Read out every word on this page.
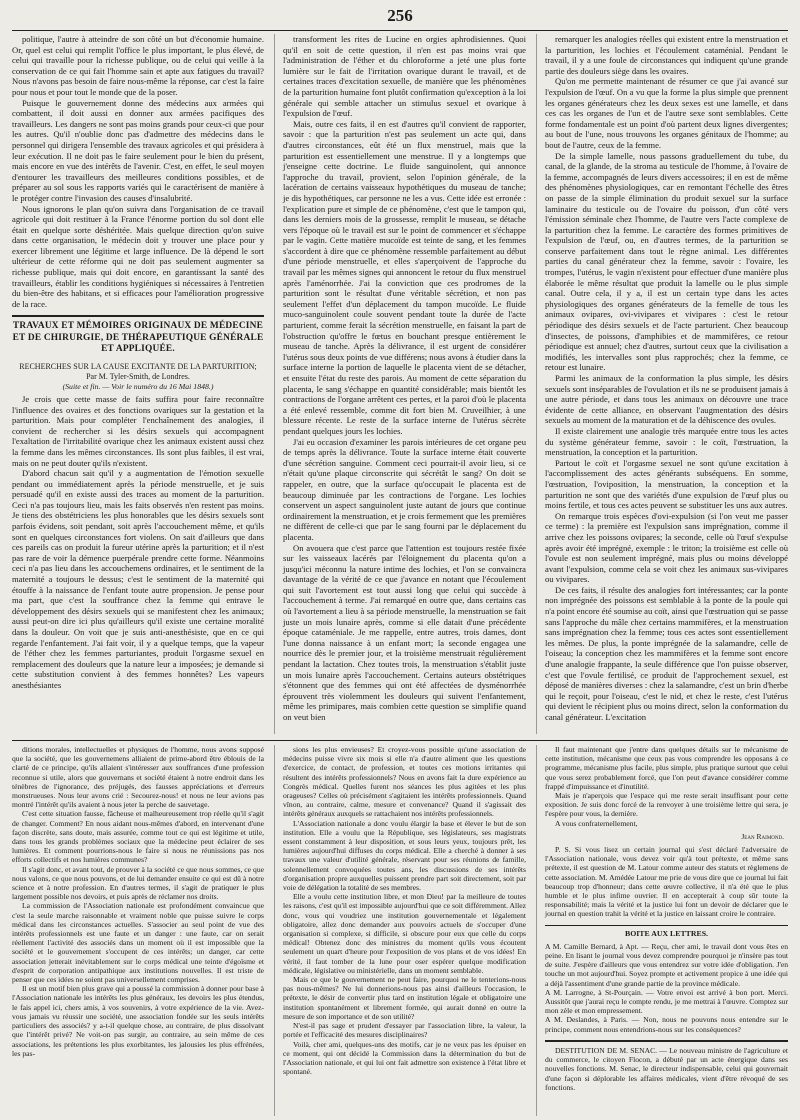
256

politique, l'autre à atteindre de son côté un but d'économie humaine. Or, quel est celui qui remplit l'office le plus important, le plus élevé, de celui qui travaille pour la richesse publique, ou de celui qui veille à la conservation de ce qui fait l'homme sain et apte aux fatigues du travail? Nous n'avons pas besoin de faire nous-même la réponse, car c'est la faire pour nous et pour tout le monde que de la poser.

Puisque le gouvernement donne des médecins aux armées qui combattent, il doit aussi en donner aux armées pacifiques des travailleurs. Les dangers ne sont pas moins grands pour ceux-ci que pour les autres. Qu'il n'oublie donc pas d'admettre des médecins dans le personnel qui dirigera l'ensemble des travaux agricoles et qui présidera à leur exécution. Il ne doit pas le faire seulement pour le bien du présent, mais encore en vue des intérêts de l'avenir. C'est, en effet, le seul moyen d'entourer les travailleurs des meilleures conditions possibles, et de préparer au sol sous les rapports variés qui le caractérisent de manière à le protéger contre l'invasion des causes d'insalubrité.

Nous ignorons le plan qu'on suivra dans l'organisation de ce travail agricole qui doit restituer à la France l'énorme portion du sol dont elle était en quelque sorte déshéritée. Mais quelque direction qu'on suive dans cette organisation, le médecin doit y trouver une place pour y exercer librement une légitime et large influence. De là dépend le sort ultérieur de cette réforme qui ne doit pas seulement augmenter sa richesse publique, mais qui doit encore, en garantissant la santé des travailleurs, établir les conditions hygiéniques si nécessaires à l'entretien du bien-être des habitans, et si efficaces pour l'amélioration progressive de la race.

TRAVAUX ET MÉMOIRES ORIGINAUX DE MÉDECINE ET DE CHIRURGIE, DE THÉRAPEUTIQUE GÉNÉRALE ET APPLIQUÉE.
RECHERCHES SUR LA CAUSE EXCITANTE DE LA PARTURITION;
Par M. Tyler-Smith, de Londres.
(Suite et fin. — Voir le numéro du 16 Mai 1848.)

Je crois que cette masse de faits suffira pour faire reconnaître l'influence des ovaires et des fonctions ovariques sur la gestation et la parturition. Mais pour compléter l'enchaînement des analogies, il convient de rechercher si les désirs sexuels qui accompagnent l'exaltation de l'irritabilité ovarique chez les animaux existent aussi chez la femme dans les mêmes circonstances. Ils sont plus faibles, il est vrai, mais on ne peut douter qu'ils n'existent.

D'abord chacun sait qu'il y a augmentation de l'émotion sexuelle pendant ou immédiatement après la période menstruelle, et je suis persuadé qu'il en existe aussi des traces au moment de la parturition. Ceci n'a pas toujours lieu, mais les faits observés n'en restent pas moins. Je tiens des obstétriciens les plus honorables que les désirs sexuels sont parfois évidens, soit pendant, soit après l'accouchement même, et qu'ils sont en quelques circonstances fort violens. On sait d'ailleurs que dans ces pareils cas on produit la fureur utérine après la parturition; et il n'est pas rare de voir la démence puerpérale prendre cette forme. Néanmoins ceci n'a pas lieu dans les accouchemens ordinaires, et le sentiment de la maternité a toujours le dessus; c'est le sentiment de la maternité qui étouffe à la naissance de l'enfant toute autre propension. Je pense pour ma part, que c'est la souffrance chez la femme qui entrave le développement des désirs sexuels qui se manifestent chez les animaux; aussi peut-on dire ici plus qu'ailleurs qu'il existe une certaine moralité dans la douleur. On voit que je suis anti-anesthésiste, que en ce qui regarde l'enfantement. J'ai fait voir, il y a quelque temps, que la vapeur de l'éther chez les femmes parturiantes, produit l'orgasme sexuel en remplacement des douleurs que la nature leur a imposées; je demande si cette substitution convient à des femmes honnêtes? Les vapeurs anesthésiantes

transforment les rites de Lucine en orgies aphrodisiennes. Quoi qu'il en soit de cette question, il n'en est pas moins vrai que l'administration de l'éther et du chloroforme a jeté une plus forte lumière sur le fait de l'irritation ovarique durant le travail, et de certaines traces d'excitation sexuelle, de manière que les phénomènes de la parturition humaine font plutôt confirmation qu'exception à la loi générale qui semble attacher un stimulus sexuel et ovarique à l'expulsion de l'œuf.

Mais, outre ces faits, il en est d'autres qu'il convient de rapporter, savoir : que la parturition n'est pas seulement un acte qui, dans d'autres circonstances, eût été un flux menstruel, mais que la parturition est essentiellement une menstrue. Il y a longtemps que j'enseigne cette doctrine. Le fluide sanguinolent, qui annonce l'approche du travail, provient, selon l'opinion générale, de la lacération de certains vaisseaux hypothétiques du museau de tanche; je dis hypothétiques, car personne ne les a vus. Cette idée est erronée : l'explication pure et simple de ce phénomène, c'est que le tampon qui, dans les derniers mois de la grossesse, remplit le museau, se détache vers l'époque où le travail est sur le point de commencer et s'échappe par le vagin. Cette matière mucoïde est teinte de sang, et les femmes s'accordent à dire que ce phénomène ressemble parfaitement au début d'une période menstruelle, et elles s'aperçoivent de l'approche du travail par les mêmes signes qui annoncent le retour du flux menstruel après l'aménorrhée. J'ai la conviction que ces prodromes de la parturition sont le résultat d'une véritable sécrétion, et non pas seulement l'effet d'un déplacement du tampon mucoïde. Le fluide muco-sanguinolent coule souvent pendant toute la durée de l'acte parturient, comme ferait la sécrétion menstruelle, en faisant la part de l'obstruction qu'offre le fœtus en bouchant presque entièrement le museau de tanche. Après la délivrance, il est urgent de considérer l'utérus sous deux points de vue différens; nous avons à étudier dans la surface interne la portion de laquelle le placenta vient de se détacher, et ensuite l'état du reste des parois. Au moment de cette séparation du placenta, le sang s'échappe en quantité considérable; mais bientôt les contractions de l'organe arrêtent ces pertes, et la paroi d'où le placenta a été enlevé ressemble, comme dit fort bien M. Cruveilhier, à une blessure récente. Le reste de la surface interne de l'utérus sécrète pendant quelques jours les lochies.

J'ai eu occasion d'examiner les parois intérieures de cet organe peu de temps après la délivrance. Toute la surface interne était couverte d'une sécrétion sanguine. Comment ceci pourrait-il avoir lieu, si ce n'était qu'une plaque circonscrite qui sécrétât le sang? On doit se rappeler, en outre, que la surface qu'occupait le placenta est de beaucoup diminuée par les contractions de l'organe. Les lochies conservent un aspect sanguinolent juste autant de jours que continue ordinairement la menstruation, et je crois fermement que les premières ne diffèrent de celle-ci que par le sang fourni par le déplacement du placenta.

On avouera que c'est parce que l'attention est toujours restée fixée sur les vaisseaux lacérés par l'éloignement du placenta qu'on a jusqu'ici méconnu la nature intime des lochies, et l'on se convaincra davantage de la vérité de ce que j'avance en notant que l'écoulement qui suit l'avortement est tout aussi long que celui qui succède à l'accouchement à terme. J'ai remarqué en outre que, dans certains cas où l'avortement a lieu à sa période menstruelle, la menstruation se fait juste un mois lunaire après, comme si elle datait d'une précédente époque cataméniale. Je me rappelle, entre autres, trois dames, dont l'une donna naissance à un enfant mort; la seconde engagea une nourrice dès le premier jour, et la troisième menstruait régulièrement pendant la lactation. Chez toutes trois, la menstruation s'établit juste un mois lunaire après l'accouchement. Certains auteurs obstétriques s'étonnent que des femmes qui ont été affectées de dysménorrhée éprouvent très violemment les douleurs qui suivent l'enfantement, même les primipares, mais combien cette question se simplifie quand on veut bien

remarquer les analogies réelles qui existent entre la menstruation et la parturition, les lochies et l'écoulement cataménial. Pendant le travail, il y a une foule de circonstances qui indiquent qu'une grande partie des douleurs siège dans les ovaires.

Qu'on me permette maintenant de résumer ce que j'ai avancé sur l'expulsion de l'œuf. On a vu que la forme la plus simple que prennent les organes générateurs chez les deux sexes est une lamelle, et dans ces cas les organes de l'un et de l'autre sexe sont semblables. Cette forme fondamentale est un point d'où partent deux lignes divergentes; au bout de l'une, nous trouvons les organes génitaux de l'homme; au bout de l'autre, ceux de la femme.

De la simple lamelle, nous passons graduellement du tube, du canal, de la glande, de la stroma au testicule de l'homme, à l'ovaire de la femme, accompagnés de leurs divers accessoires; il en est de même des phénomènes physiologiques, car en remontant l'échelle des êtres on passe de la simple élimination du produit sexuel sur la surface laminaire du testicule ou de l'ovaire du poisson, d'un côté vers l'émission séminale chez l'homme, de l'autre vers l'acte complexe de la parturition chez la femme. Le caractère des formes primitives de l'expulsion de l'œuf, ou, en d'autres termes, de la parturition se conserve parfaitement dans tout le règne animal. Les différentes parties du canal générateur chez la femme, savoir : l'ovaire, les trompes, l'utérus, le vagin n'existent pour effectuer d'une manière plus élaborée le même résultat que produit la lamelle ou le plus simple canal. Outre cela, il y a, il est un certain type dans les actes physiologiques des organes générateurs de la femelle de tous les animaux ovipares, ovi-vivipares et vivipares : c'est le retour périodique des désirs sexuels et de l'acte parturient. Chez beaucoup d'insectes, de poissons, d'amphibies et de mammifères, ce retour périodique est annuel; chez d'autres, surtout ceux que la civilisation a modifiés, les intervalles sont plus rapprochés; chez la femme, ce retour est lunaire.

Parmi les animaux de la conformation la plus simple, les désirs sexuels sont inséparables de l'ovulation et ils ne se produisent jamais à une autre période, et dans tous les animaux on découvre une trace évidente de cette alliance, en observant l'augmentation des désirs sexuels au moment de la maturation et de la déhiscence des ovules.

Il existe clairement une analogie très marquée entre tous les actes du système générateur femme, savoir : le coït, l'œstruation, la menstruation, la conception et la parturition.

Partout le coït et l'orgasme sexuel ne sont qu'une excitation à l'accomplissement des actes générants subséquens. En somme, l'œstruation, l'oviposition, la menstruation, la conception et la parturition ne sont que des variétés d'une expulsion de l'œuf plus ou moins fertile, et tous ces actes peuvent se substituer les uns aux autres.

On remarque trois espèces d'ovi-expulsion (si l'on veut me passer ce terme) : la première est l'expulsion sans imprégnation, comme il arrive chez les poissons ovipares; la seconde, celle où l'œuf s'expulse après avoir été imprégné, exemple : le triton; la troisième est celle où l'ovule est non seulement imprégné, mais plus ou moins développé avant l'expulsion, comme cela se voit chez les animaux sus-vivipares ou vivipares.

De ces faits, il résulte des analogies fort intéressantes; car la ponte non imprégnée des poissons est semblable à la ponte de la poule qui n'a point encore été soumise au coït, ainsi que l'œstruation qui se passe sans l'approche du mâle chez certains mammifères, et la menstruation sans imprégnation chez la femme; tous ces actes sont essentiellement les mêmes. De plus, la ponte imprégnée de la salamandre, celle de l'oiseau; la conception chez les mammifères et la femme sont encore d'une analogie frappante, la seule différence que l'on puisse observer, c'est que l'ovule fertilisé, ce produit de l'approchement sexuel, est déposé de manières diverses : chez la salamandre, c'est un brin d'herbe qui le reçoit, pour l'oiseau, c'est le nid, et chez le reste, c'est l'utérus qui devient le récipient plus ou moins direct, selon la conformation du canal générateur. L'excitation

ditions morales, intellectuelles et physiques de l'homme, nous avons supposé que la société, que les gouvernemens alliaient de prime-abord être éblouis de la clarté de ce principe, qu'ils allaient s'intéresser aux souffrances d'une profession reconnue si utile, alors que gouvernans et société étaient à notre endroit dans les ténèbres de l'ignorance, des préjugés, des fausses appréciations et d'erreurs monstrueuses. Nous leur avons crié : Secourez-nous! et nous ne leur avions pas montré l'intérêt qu'ils avaient à nous jeter la perche de sauvetage.

C'est cette situation fausse, fâcheuse et malheureusement trop réelle qu'il s'agit de changer. Comment? En nous aidant nous-mêmes d'abord, en intervenant d'une façon discrète, sans doute, mais assurée, comme tout ce qui est légitime et utile, dans tous les grands problèmes sociaux que la médecine peut éclairer de ses lumières. Et comment pourrions-nous le faire si nous ne réunissions pas nos efforts collectifs et nos lumières communes?

Il s'agit donc, et avant tout, de prouver à la société ce que nous sommes, ce que nous valons, ce que nous pouvons, et de lui demander ensuite ce qui est dû à notre science et à notre profession. En d'autres termes, il s'agit de pratiquer le plus largement possible nos devoirs, et puis après de réclamer nos droits.

La commission de l'Association nationale est profondément convaincue que c'est la seule marche raisonnable et vraiment noble que puisse suivre le corps médical dans les circonstances actuelles. S'associer au seul point de vue des intérêts professionnels est une faute et un danger : une faute, car on serait réellement l'activité des associés dans un moment où il est impossible que la société et le gouvernement s'occupent de ces intérêts; un danger, car cette association jetterait inévitablement sur le corps médical une teinte d'égoïsme et d'esprit de corporation antipathique aux institutions nouvelles. Il est triste de penser que ces idées ne soient pas universellement comprises.

Il est un motif bien plus grave qui a poussé la commission à donner pour base à l'Association nationale les intérêts les plus généraux, les devoirs les plus étendus, le fais appel ici, chers amis, à vos souvenirs, à votre expérience de la vie. Avez-vous jamais vu réussir une société, une association fondée sur les seuls intérêts particuliers des associés? y a-t-il quelque chose, au contraire, de plus dissolvant que l'intérêt privé? Ne voit-on pas surgir, au contraire, au sein même de ces associations, les prétentions les plus exorbitantes, les jalousies les plus effrénées, les pas-

sions les plus envieuses? Et croyez-vous possible qu'une association de médecins puisse vivre six mois si elle n'a d'autre aliment que les questions d'exercice, de contact, de profession, et toutes ces motions irritantes qui résultent des intérêts professionnels? Nous en avons fait la dure expérience au Congrès médical. Quelles furent nos séances les plus agitées et les plus orageuses? Celles où précisément s'agitaient les intérêts professionnels. Quand vînon, au contraire, calme, mesure et convenance? Quand il s'agissait des intérêts généraux auxquels se rattachaient nos intérêts professionnels.

L'Association nationale a donc voulu élargir la base et élever le but de son institution. Elle a voulu que la République, ses législateurs, ses magistrats essent constamment à leur disposition, et sous leurs yeux, toujours prêt, les lumières aujourd'hui diffuses du corps médical. Elle a cherché à donner à ses travaux une valeur d'utilité générale, réservant pour ses réunions de famille, solennellement convoquées toutes ans, les discussions de ses intérêts d'organisation propre auxquelles puissent prendre part soit directement, soit par voie de délégation la totalité de ses membres.

Elle a voulu cette institution libre, et mon Dieu! par la meilleure de toutes les raisons, c'est qu'il est impossible aujourd'hui que ce soit différemment. Allez donc, vous qui voudriez une institution gouvernementale et légalement obligatoire, allez donc demander aux pouvoirs actuels de s'occuper d'une organisation si complexe, si difficile, si obscure pour eux que celle du corps médical! Obtenez donc des ministres du moment qu'ils vous écoutent seulement un quart d'heure pour l'exposition de vos plans et de vos idées! En vérité, il faut tomber de la lune pour oser espérer quelque modification médicale, législative ou ministérielle, dans un moment semblable.

Mais ce que le gouvernement ne peut faire, pourquoi ne le tenterions-nous pas nous-mêmes? Ne lui donnerions-nous pas ainsi d'ailleurs l'occasion, le prétexte, le désir de convertir plus tard en institution légale et obligatoire une institution spontanément et librement formée, qui aurait donné en outre la mesure de son importance et de son utilité?

N'est-il pas sage et prudent d'essayer par l'association libre, la valeur, la portée et l'efficacité des mesures disciplinaires?

Voilà, cher ami, quelques-uns des motifs, car je ne veux pas les épuiser en ce moment, qui ont décidé la Commission dans la détermination du but de l'Association nationale, et qui lui ont fait admettre son existence à l'état libre et spontané.

Il faut maintenant que j'entre dans quelques détails sur le mécanisme de cette institution, mécanisme que ceux pas vous comprendre les opposans à ce programme, mécanisme plus facile, plus simple, plus pratique surtout que celui que vous serez probablement forcé, que l'on peut d'avance considérer comme frappé d'impuissance et d'inutilité.

Mais je n'aperçois que l'espace qui me reste serait insuffisant pour cette exposition. Je suis donc forcé de la renvoyer à une troisième lettre qui sera, je l'espère pour vous, la dernière.

A vous confraternellement,

Jean Raimond.

P. S. Si vous lisez un certain journal qui s'est déclaré l'adversaire de l'Association nationale, vous devez voir qu'à tout prétexte, et même sans prétexte, il est question de M. Latour comme auteur des statuts et règlemens de cette association. M. Amédée Latour me prie de vous dire que ce journal lui fait beaucoup trop d'honneur; dans cette œuvre collective, il n'a été que le plus humble et le plus infime ouvrier. Il en accepterait à coup sûr toute la responsabilité; mais la vérité et la justice lui font un devoir de déclarer que le journal en question trahit la vérité et la justice en laissant croire le contraire.

BOITE AUX LETTRES.

A M. Camille Bernard, à Apt. — Reçu, cher ami, le travail dont vous êtes en peine. En lisant le journal vous devez comprendre pourquoi je n'insère pas tout de suite. J'espère d'ailleurs que vous entendrez sur votre idée d'obligation. J'en touche un mot aujourd'hui. Soyez prompte et activement propice à une idée qui a déjà l'assentiment d'une grande partie de la province médicale.

A M. Larrogne, à St-Pourçain. — Votre envoi est arrivé à bon port. Merci. Aussitôt que j'aurai reçu le compte rendu, je me mettrai à l'œuvre. Comptez sur mon zèle et mon empressement.

A M. Deslandes, à Paris. — Non, nous ne pouvons nous entendre sur le principe, comment nous entendrions-nous sur les conséquences?

DESTITUTION DE M. SENAC. — Le nouveau ministre de l'agriculture et du commerce, le citoyen Flocon, a débuté par un acte énergique dans ses nouvelles fonctions. M. Senac, le directeur indispensable, celui qui gouvernait d'une façon si déplorable les affaires médicales, vient d'être révoqué de ses fonctions.
